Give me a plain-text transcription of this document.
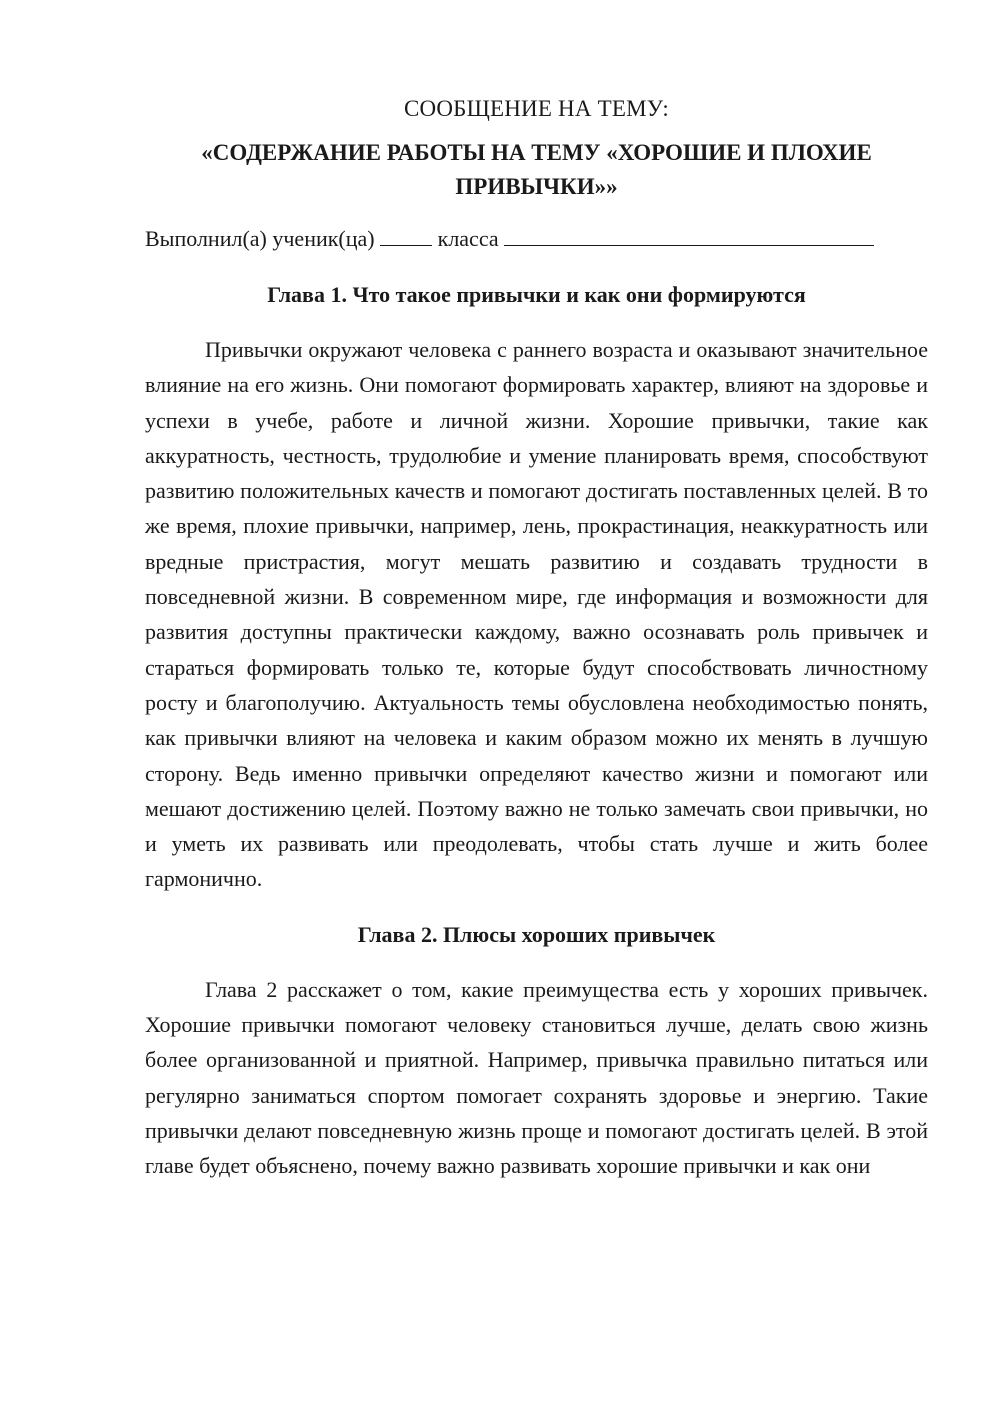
СООБЩЕНИЕ НА ТЕМУ:
«СОДЕРЖАНИЕ РАБОТЫ НА ТЕМУ «ХОРОШИЕ И ПЛОХИЕ ПРИВЫЧКИ»»
Выполнил(а) ученик(ца)  класса
Глава 1. Что такое привычки и как они формируются

Привычки окружают человека с раннего возраста и оказывают значительное влияние на его жизнь. Они помогают формировать характер, влияют на здоровье и успехи в учебе, работе и личной жизни. Хорошие привычки, такие как аккуратность, честность, трудолюбие и умение планировать время, способствуют развитию положительных качеств и помогают достигать поставленных целей. В то же время, плохие привычки, например, лень, прокрастинация, неаккуратность или вредные пристрастия, могут мешать развитию и создавать трудности в повседневной жизни. В современном мире, где информация и возможности для развития доступны практически каждому, важно осознавать роль привычек и стараться формировать только те, которые будут способствовать личностному росту и благополучию. Актуальность темы обусловлена необходимостью понять, как привычки влияют на человека и каким образом можно их менять в лучшую сторону. Ведь именно привычки определяют качество жизни и помогают или мешают достижению целей. Поэтому важно не только замечать свои привычки, но и уметь их развивать или преодолевать, чтобы стать лучше и жить более гармонично.

Глава 2. Плюсы хороших привычек

Глава 2 расскажет о том, какие преимущества есть у хороших привычек. Хорошие привычки помогают человеку становиться лучше, делать свою жизнь более организованной и приятной. Например, привычка правильно питаться или регулярно заниматься спортом помогает сохранять здоровье и энергию. Такие привычки делают повседневную жизнь проще и помогают достигать целей. В этой главе будет объяснено, почему важно развивать хорошие привычки и как они
